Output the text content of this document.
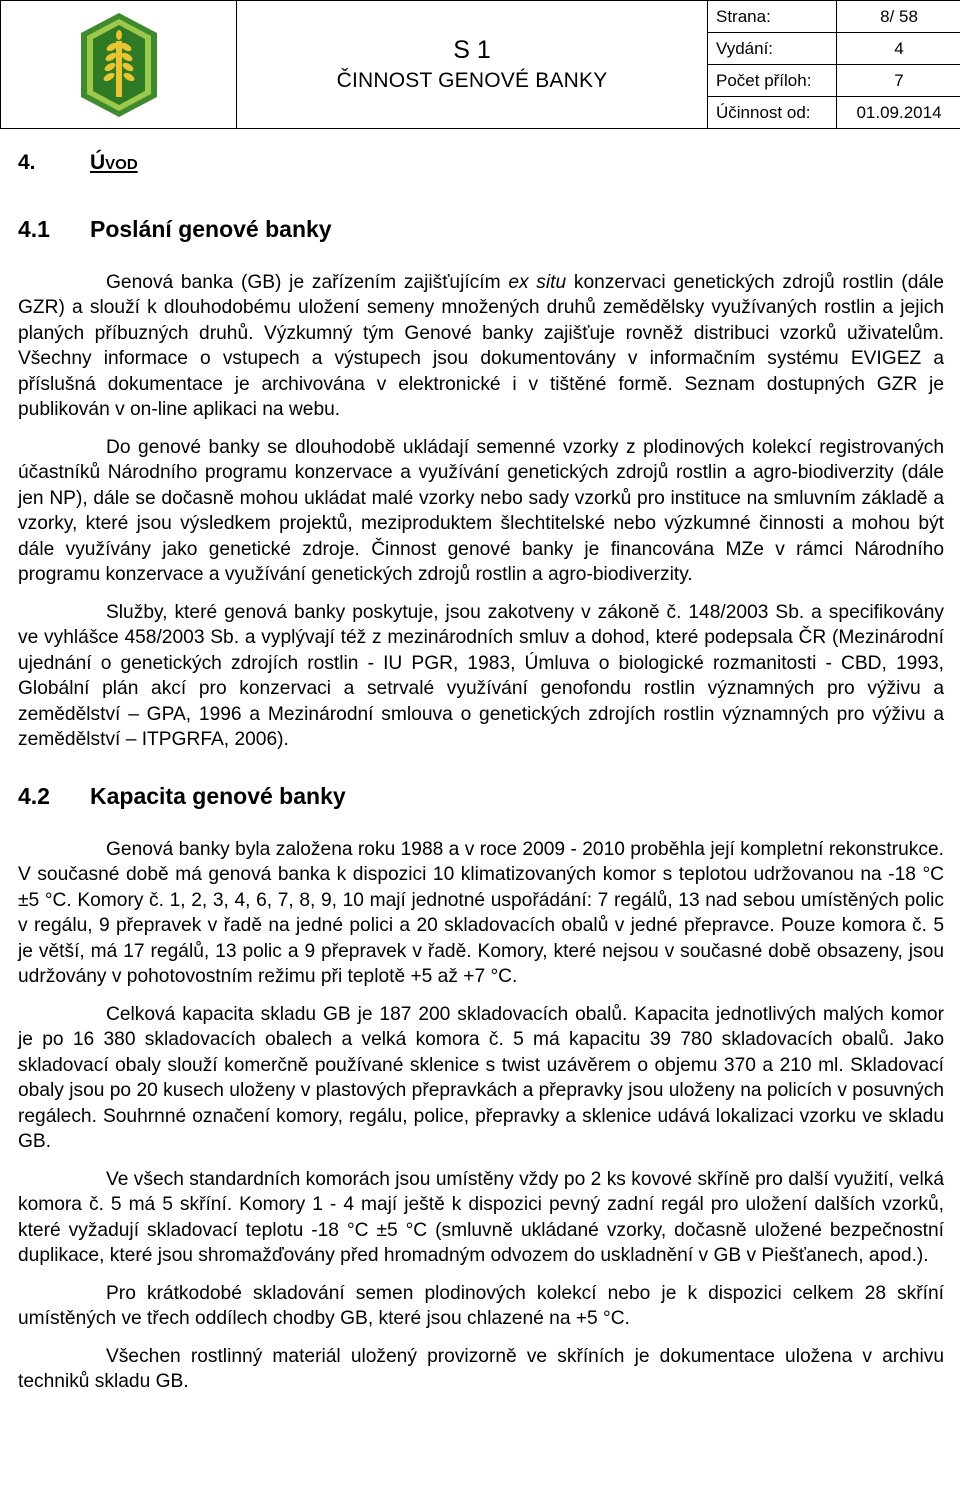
S 1
ČINNOST GENOVÉ BANKY

Strana:	8/ 58
Vydání:	4
Počet příloh:	7
Účinnost od:	01.09.2014
4.	Úvod
4.1	Poslání genové banky

Genová banka (GB) je zařízením zajišťujícím ex situ konzervaci genetických zdrojů rostlin (dále GZR) a slouží k dlouhodobému uložení semeny množených druhů zemědělsky využívaných rostlin a jejich planých příbuzných druhů. Výzkumný tým Genové banky zajišťuje rovněž distribuci vzorků uživatelům. Všechny informace o vstupech a výstupech jsou dokumentovány v informačním systému EVIGEZ a příslušná dokumentace je archivována v elektronické i v tištěné formě. Seznam dostupných GZR je publikován v on-line aplikaci na webu.

Do genové banky se dlouhodobě ukládají semenné vzorky z plodinových kolekcí registrovaných účastníků Národního programu konzervace a využívání genetických zdrojů rostlin a agro-biodiverzity (dále jen NP), dále se dočasně mohou ukládat malé vzorky nebo sady vzorků pro instituce na smluvním základě a vzorky, které jsou výsledkem projektů, meziproduktem šlechtitelské nebo výzkumné činnosti a mohou být dále využívány jako genetické zdroje. Činnost genové banky je financována MZe v rámci Národního programu konzervace a využívání genetických zdrojů rostlin a agro-biodiverzity.

Služby, které genová banky poskytuje, jsou zakotveny v zákoně č. 148/2003 Sb. a specifikovány ve vyhlášce 458/2003 Sb. a vyplývají též z mezinárodních smluv a dohod, které podepsala ČR (Mezinárodní ujednání o genetických zdrojích rostlin - IU PGR, 1983, Úmluva o biologické rozmanitosti - CBD, 1993, Globální plán akcí pro konzervaci a setrvalé využívání genofondu rostlin významných pro výživu a zemědělství – GPA, 1996 a Mezinárodní smlouva o genetických zdrojích rostlin významných pro výživu a zemědělství – ITPGRFA, 2006).

4.2	Kapacita genové banky

Genová banky byla založena roku 1988 a v roce 2009 - 2010 proběhla její kompletní rekonstrukce. V současné době má genová banka k dispozici 10 klimatizovaných komor s teplotou udržovanou na -18 °C ±5 °C. Komory č. 1, 2, 3, 4, 6, 7, 8, 9, 10 mají jednotné uspořádání: 7 regálů, 13 nad sebou umístěných polic v regálu, 9 přepravek v řadě na jedné polici a 20 skladovacích obalů v jedné přepravce. Pouze komora č. 5 je větší, má 17 regálů, 13 polic a 9 přepravek v řadě. Komory, které nejsou v současné době obsazeny, jsou udržovány v pohotovostním režimu při teplotě +5 až +7 °C.

Celková kapacita skladu GB je 187 200 skladovacích obalů. Kapacita jednotlivých malých komor je po 16 380 skladovacích obalech a velká komora č. 5 má kapacitu 39 780 skladovacích obalů. Jako skladovací obaly slouží komerčně používané sklenice s twist uzávěrem o objemu 370 a 210 ml. Skladovací obaly jsou po 20 kusech uloženy v plastových přepravkách a přepravky jsou uloženy na policích v posuvných regálech. Souhrnné označení komory, regálu, police, přepravky a sklenice udává lokalizaci vzorku ve skladu GB.

Ve všech standardních komorách jsou umístěny vždy po 2 ks kovové skříně pro další využití, velká komora č. 5 má 5 skříní. Komory 1 - 4 mají ještě k dispozici pevný zadní regál pro uložení dalších vzorků, které vyžadují skladovací teplotu -18 °C ±5 °C (smluvně ukládané vzorky, dočasně uložené bezpečnostní duplikace, které jsou shromažďovány před hromadným odvozem do uskladnění v GB v Piešťanech, apod.).

Pro krátkodobé skladování semen plodinových kolekcí nebo je k dispozici celkem 28 skříní umístěných ve třech oddílech chodby GB, které jsou chlazené na +5 °C.

Všechen rostlinný materiál uložený provizorně ve skříních je dokumentace uložena v archivu techniků skladu GB.
